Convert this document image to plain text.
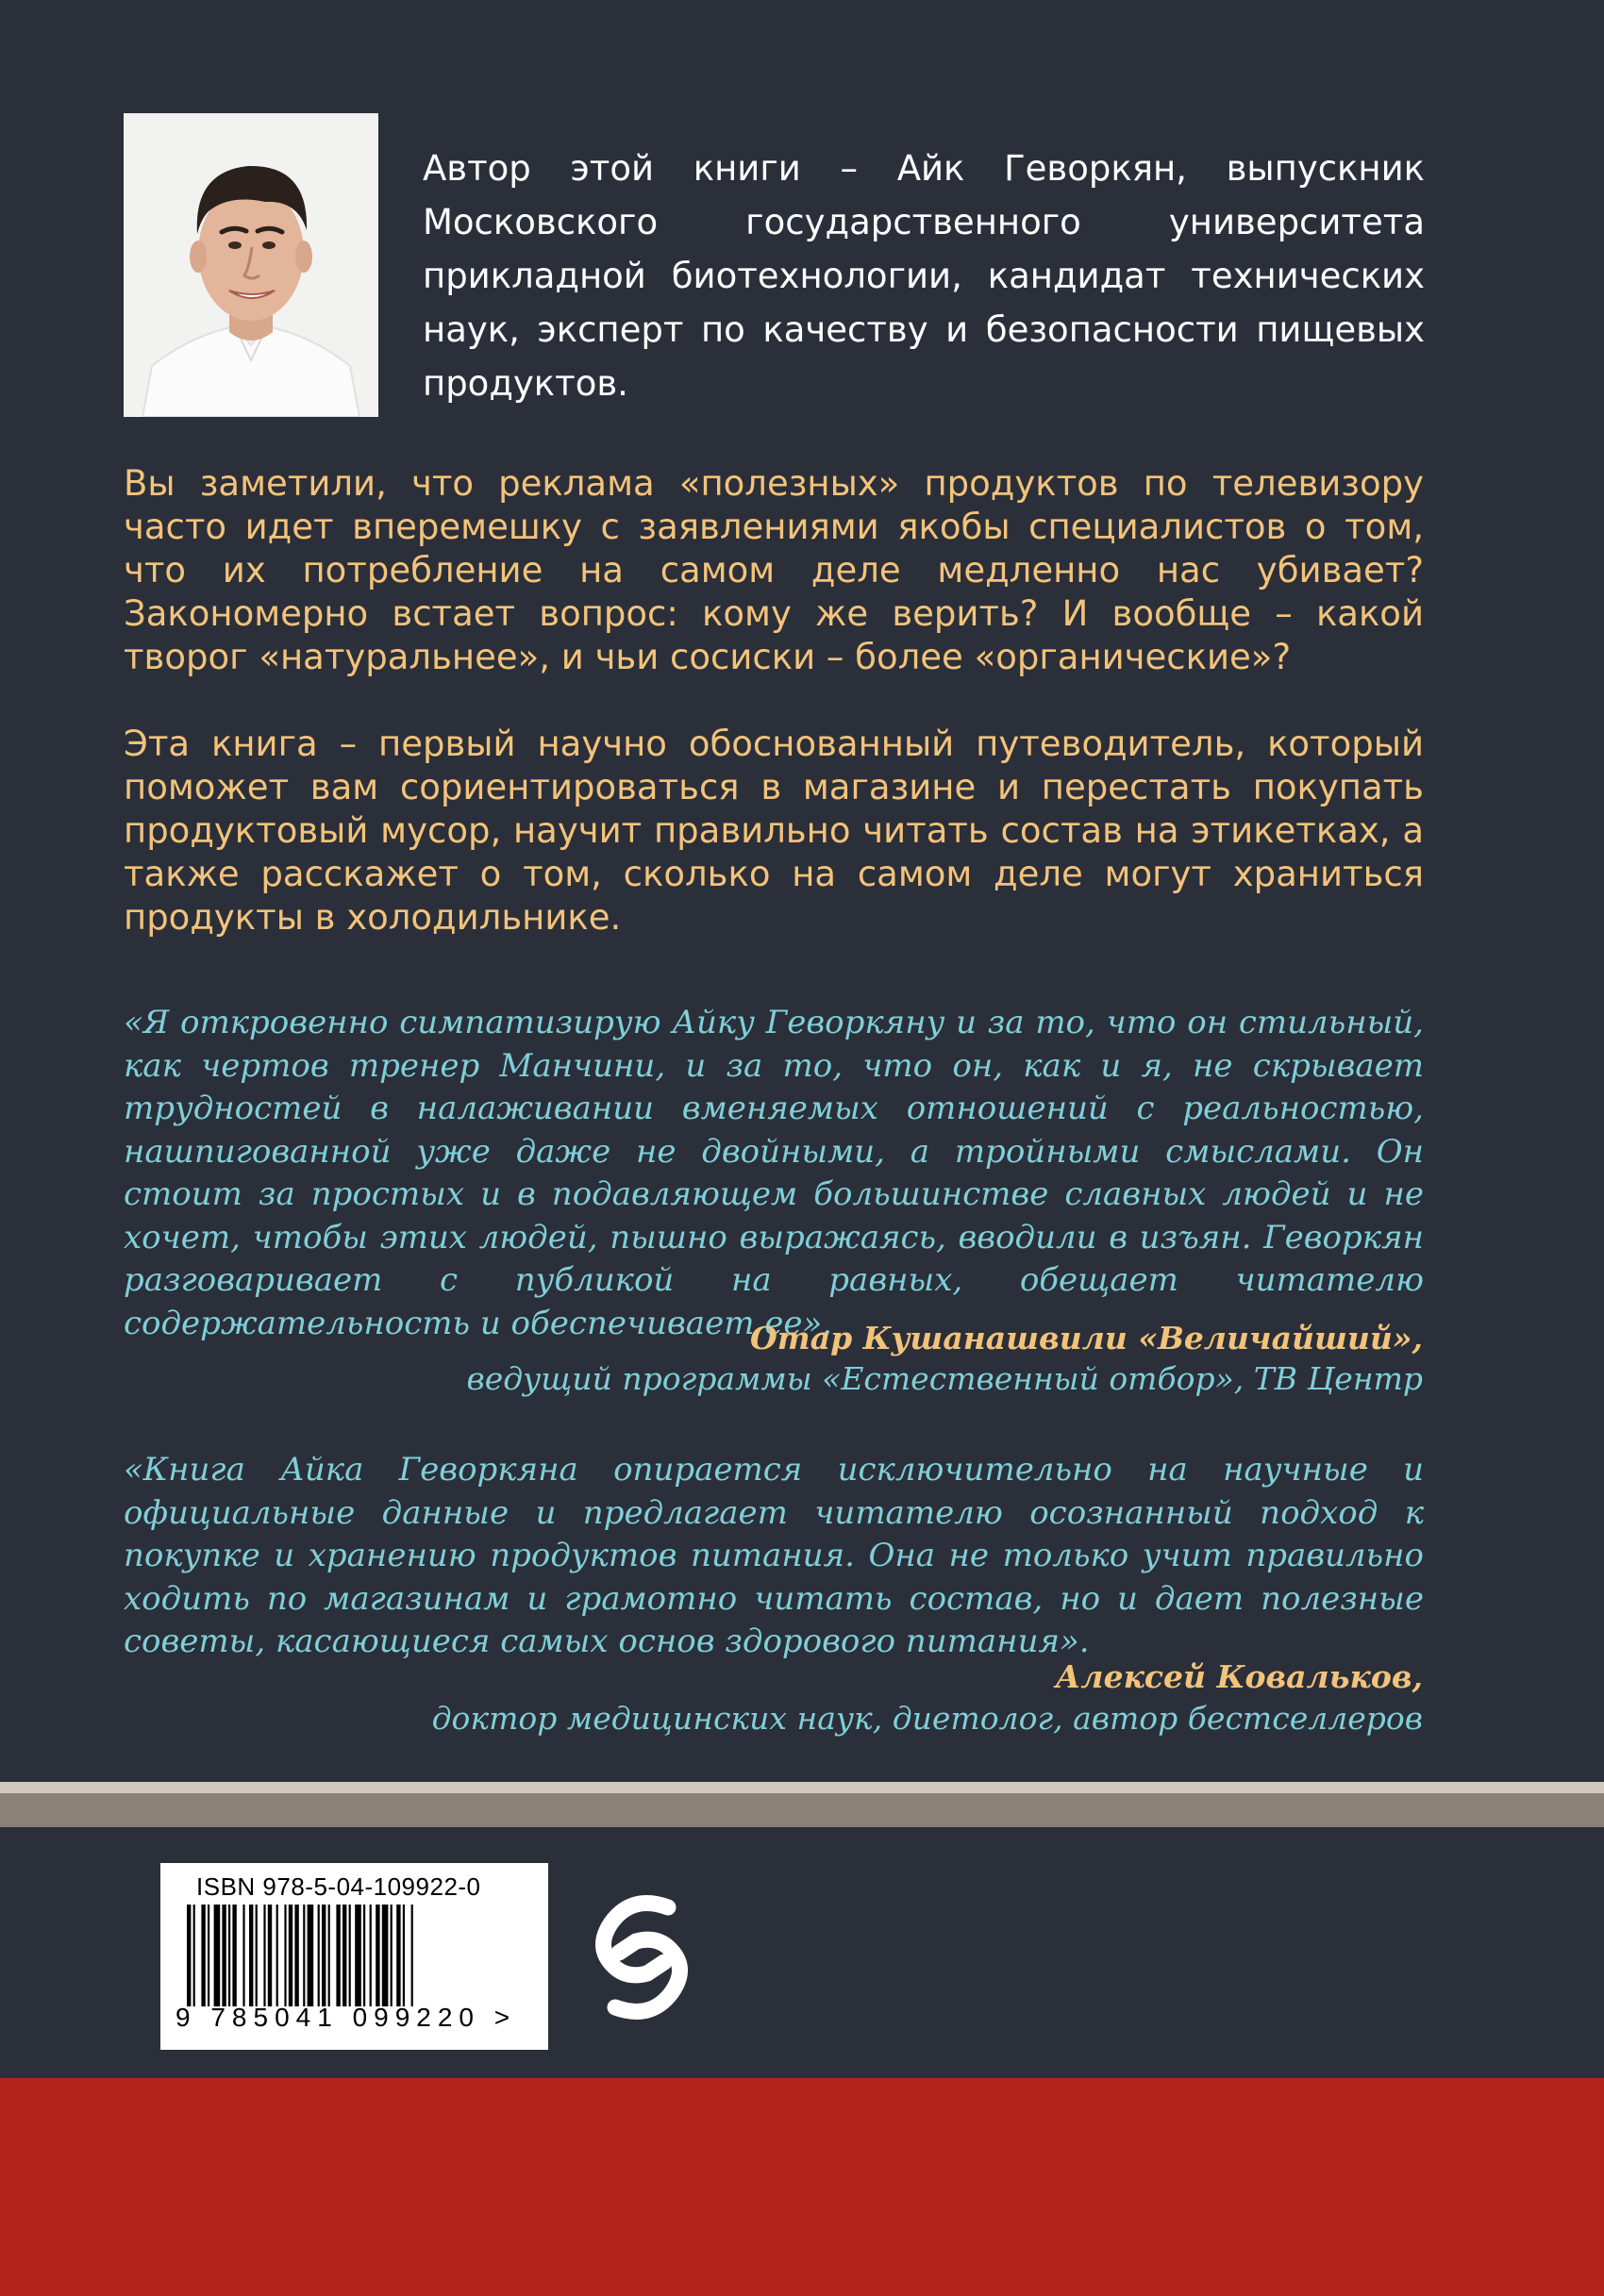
Автор этой книги – Айк Геворкян, выпускник Московского государственного университета прикладной биотехнологии, кандидат технических наук, эксперт по качеству и безопасности пищевых продуктов.

Вы заметили, что реклама «полезных» продуктов по телевизору часто идет вперемешку с заявлениями якобы специалистов о том, что их потребление на самом деле медленно нас убивает? Закономерно встает вопрос: кому же верить? И вообще – какой творог «натуральнее», и чьи сосиски – более «органические»?

Эта книга – первый научно обоснованный путеводитель, который поможет вам сориентироваться в магазине и перестать покупать продуктовый мусор, научит правильно читать состав на этикетках, а также расскажет о том, сколько на самом деле могут храниться продукты в холодильнике.

«Я откровенно симпатизирую Айку Геворкяну и за то, что он стильный, как чертов тренер Манчини, и за то, что он, как и я, не скрывает трудностей в налаживании вменяемых отношений с реальностью, нашпигованной уже даже не двойными, а тройными смыслами. Он стоит за простых и в подавляющем большинстве славных людей и не хочет, чтобы этих людей, пышно выражаясь, вводили в изъян. Геворкян разговаривает с публикой на равных, обещает читателю содержательность и обеспечивает ее».

Отар Кушанашвили «Величайший»,

ведущий программы «Естественный отбор», ТВ Центр

«Книга Айка Геворкяна опирается исключительно на научные и официальные данные и предлагает читателю осознанный подход к покупке и хранению продуктов питания. Она не только учит правильно ходить по магазинам и грамотно читать состав, но и дает полезные советы, касающиеся самых основ здорового питания».

Алексей Ковальков,

доктор медицинских наук, диетолог, автор бестселлеров

ISBN 978-5-04-109922-0
9 785041 099220 >
